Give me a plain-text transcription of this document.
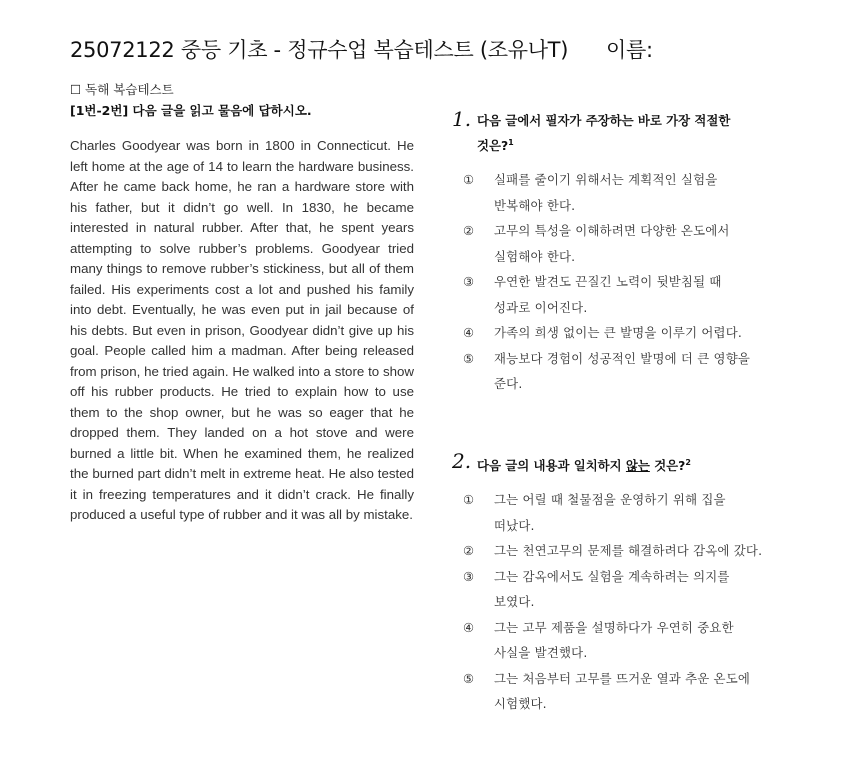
25072122 중등 기초 - 정규수업 복습테스트 (조유나T) 이름:
☐ 독해 복습테스트
[1번-2번] 다음 글을 읽고 물음에 답하시오.

Charles Goodyear was born in 1800 in Connecticut. He left home at the age of 14 to learn the hardware business. After he came back home, he ran a hardware store with his father, but it didn’t go well. In 1830, he became interested in natural rubber. After that, he spent years attempting to solve rubber’s problems. Goodyear tried many things to remove rubber’s stickiness, but all of them failed. His experiments cost a lot and pushed his family into debt. Eventually, he was even put in jail because of his debts. But even in prison, Goodyear didn’t give up his goal. People called him a madman. After being released from prison, he tried again. He walked into a store to show off his rubber products. He tried to explain how to use them to the shop owner, but he was so eager that he dropped them. They landed on a hot stove and were burned a little bit. When he examined them, he realized the burned part didn’t melt in extreme heat. He also tested it in freezing temperatures and it didn’t crack. He finally produced a useful type of rubber and it was all by mistake.

1. 다음 글에서 필자가 주장하는 바로 가장 적절한
것은?$^1$
① 실패를 줄이기 위해서는 계획적인 실험을
반복해야 한다.
② 고무의 특성을 이해하려면 다양한 온도에서
실험해야 한다.
③ 우연한 발견도 끈질긴 노력이 뒷받침될 때
성과로 이어진다.
④ 가족의 희생 없이는 큰 발명을 이루기 어렵다.
⑤ 재능보다 경험이 성공적인 발명에 더 큰 영향을
준다.
2. 다음 글의 내용과 일치하지 않는 것은?$^2$
① 그는 어릴 때 철물점을 운영하기 위해 집을
떠났다.
② 그는 천연고무의 문제를 해결하려다 감옥에 갔다.
③ 그는 감옥에서도 실험을 계속하려는 의지를
보였다.
④ 그는 고무 제품을 설명하다가 우연히 중요한
사실을 발견했다.
⑤ 그는 처음부터 고무를 뜨거운 열과 추운 온도에
시험했다.
